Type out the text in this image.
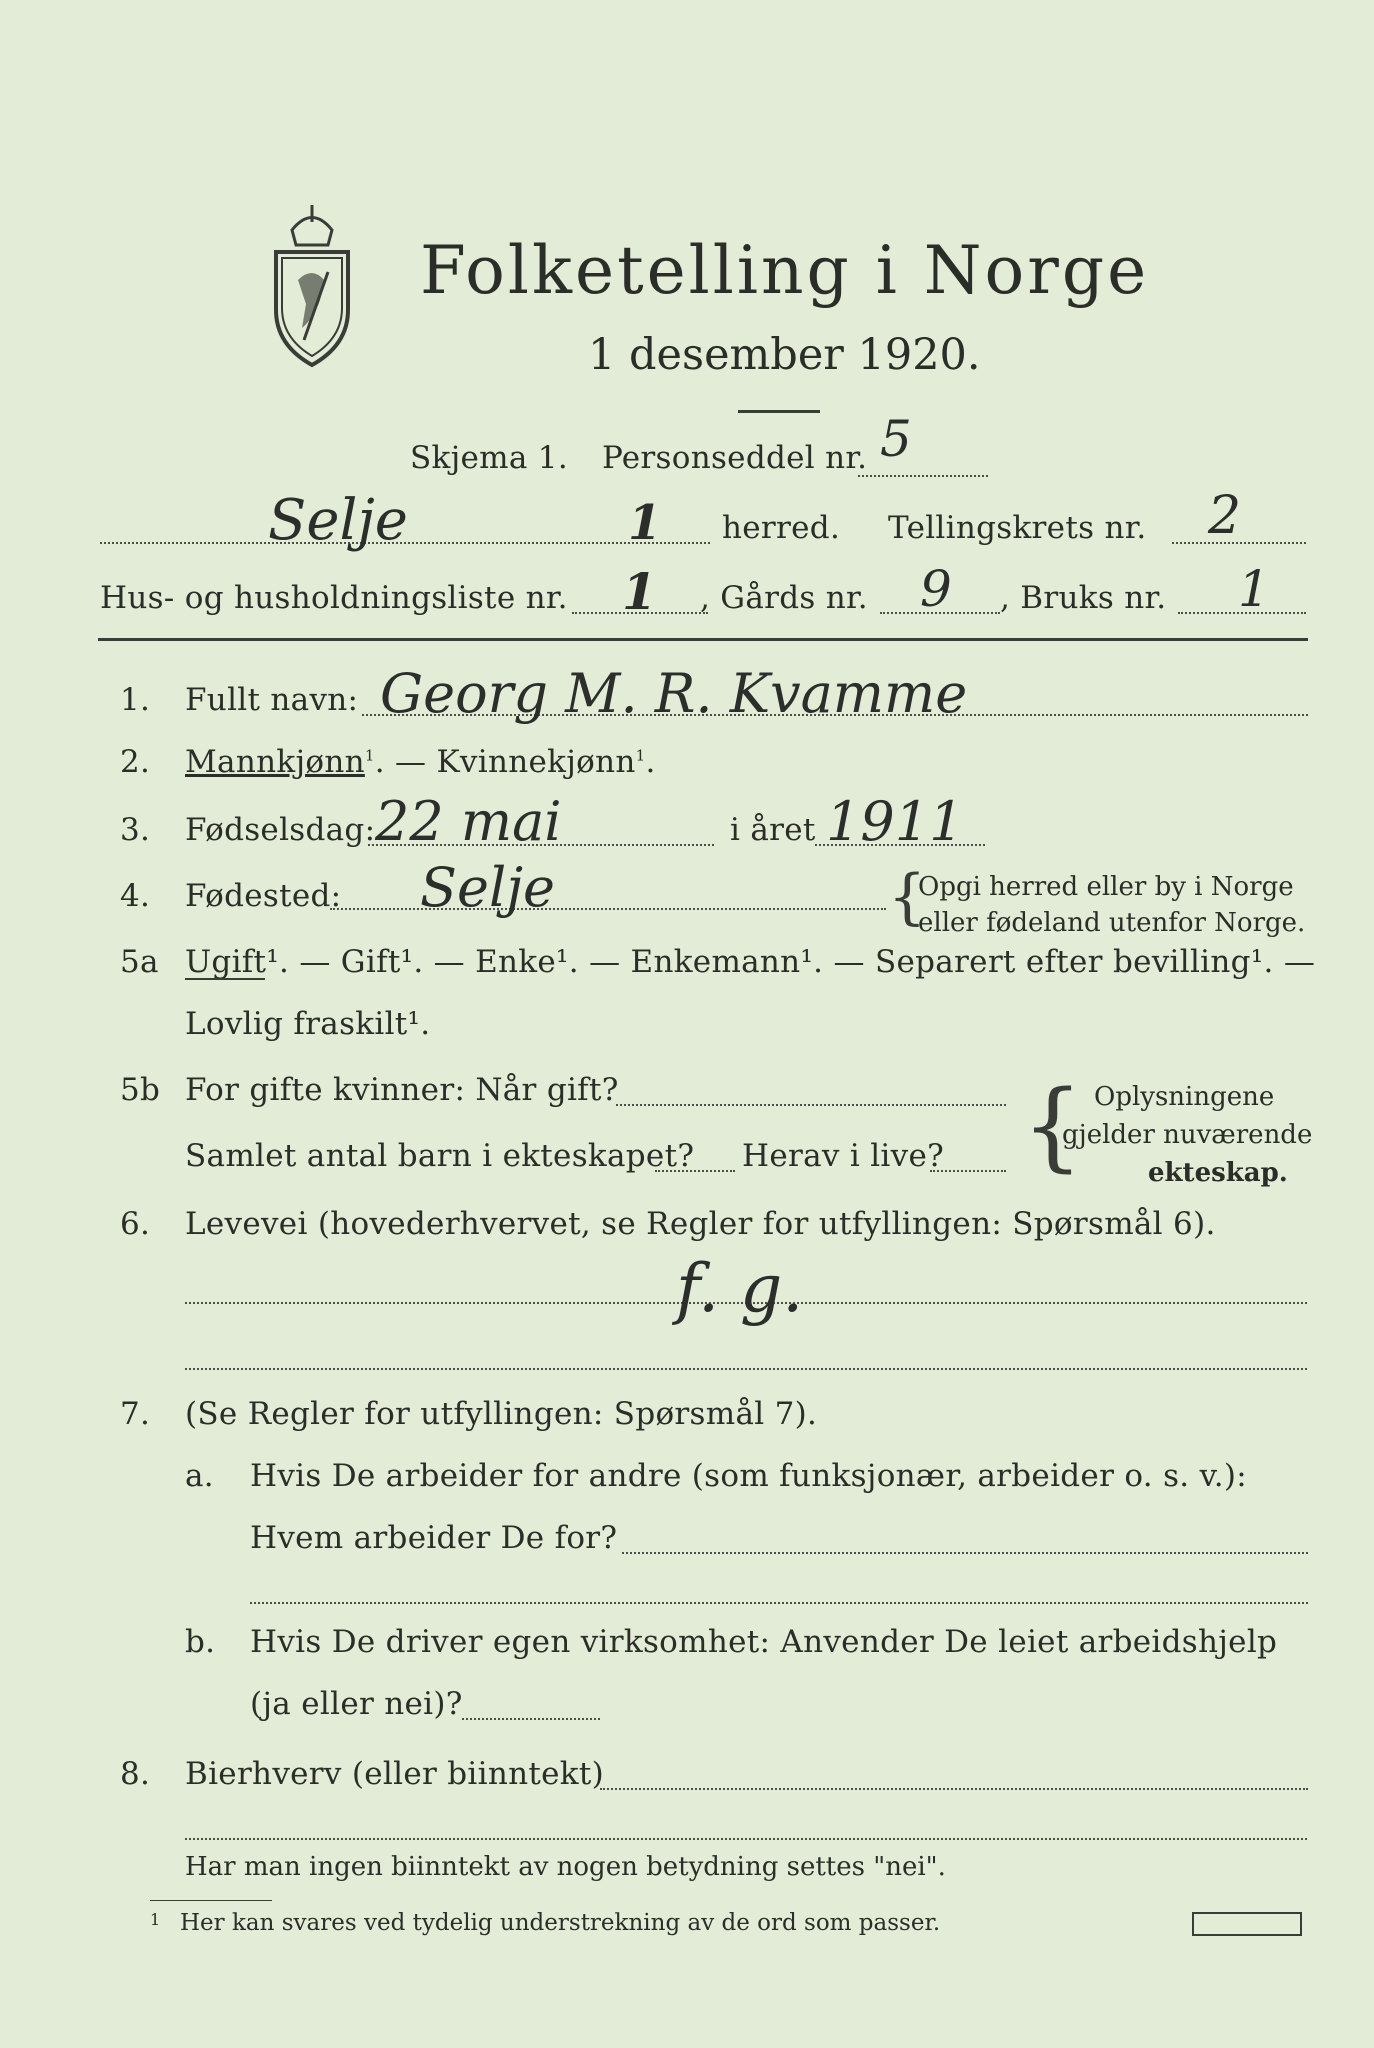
Folketelling i Norge
1 desember 1920.
Skjema 1. Personseddel nr. 5
Selje	1 herred. Tellingskrets nr. 2
Hus- og husholdningsliste nr. 1 , Gårds nr. 9 , Bruks nr. 1
1. Fullt navn: Georg M. R. Kvamme
2. Mannkjønn$^1$. — Kvinnekjønn$^1$.
3. Fødselsdag: 22 mai	i året 1911
4. Fødested: Selje	{
Opgi herred eller by i Norge
eller fødeland utenfor Norge.
5a Ugift¹. — Gift¹. — Enke¹. — Enkemann¹. — Separert efter bevilling¹. —
Lovlig fraskilt¹.
5b For gifte kvinner: Når gift?
Samlet antal barn i ekteskapet? Herav i live? { Oplysningene
gjelder nuværende
ekteskap.
6. Levevei (hovederhvervet, se Regler for utfyllingen: Spørsmål 6).
f. g.
7. (Se Regler for utfyllingen: Spørsmål 7).
a. Hvis De arbeider for andre (som funksjonær, arbeider o. s. v.):
Hvem arbeider De for?
b. Hvis De driver egen virksomhet: Anvender De leiet arbeidshjelp
(ja eller nei)?
8. Bierhverv (eller biinntekt)
Har man ingen biinntekt av nogen betydning settes "nei".
1 Her kan svares ved tydelig understrekning av de ord som passer.
